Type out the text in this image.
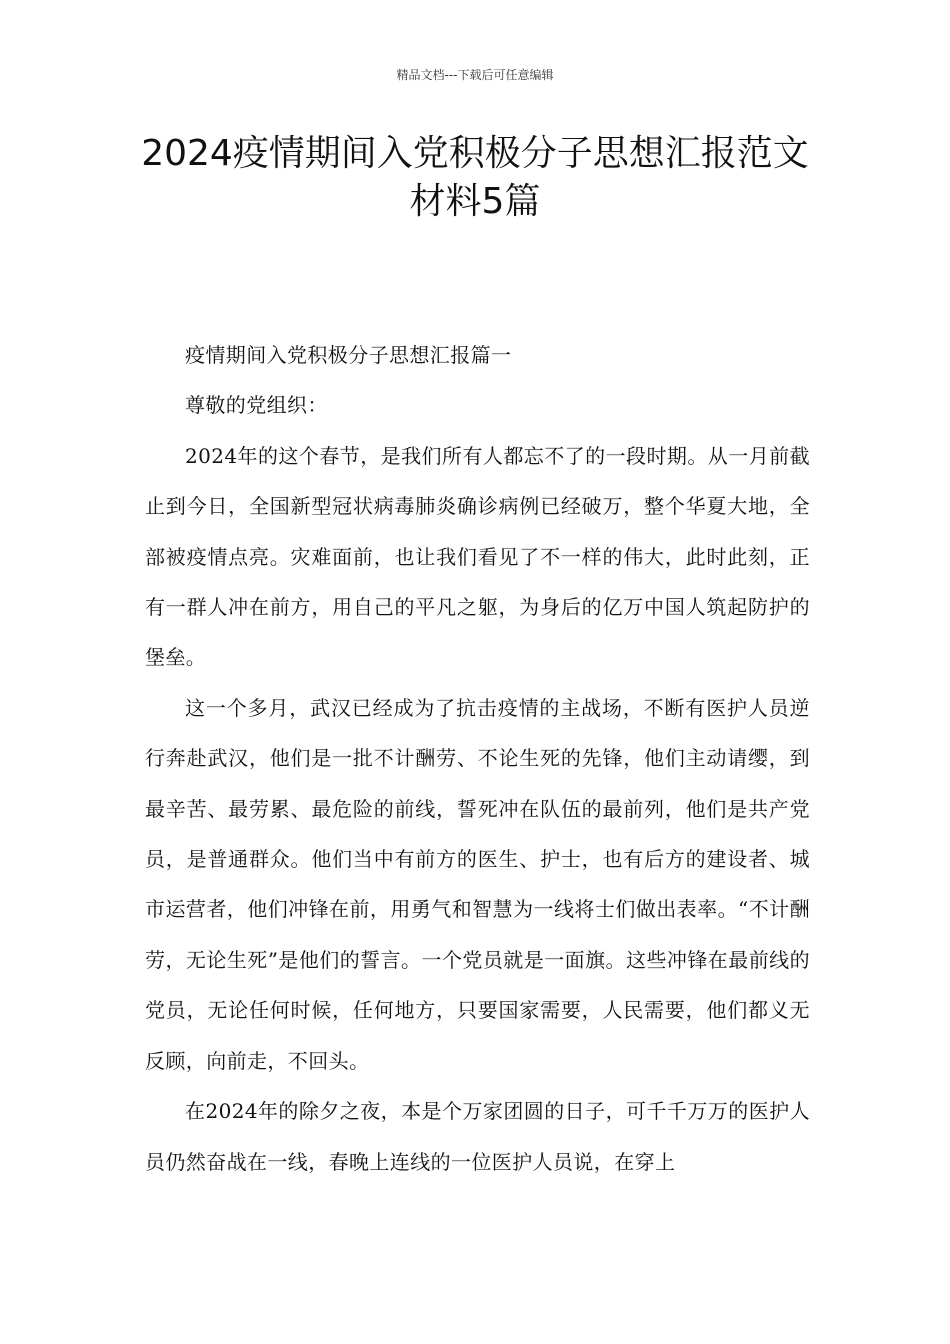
精品文档---下载后可任意编辑
2024疫情期间入党积极分子思想汇报范文材料5篇

疫情期间入党积极分子思想汇报篇一

尊敬的党组织：

2024年的这个春节，是我们所有人都忘不了的一段时期。从一月前截止到今日，全国新型冠状病毒肺炎确诊病例已经破万，整个华夏大地，全部被疫情点亮。灾难面前，也让我们看见了不一样的伟大，此时此刻，正有一群人冲在前方，用自己的平凡之躯，为身后的亿万中国人筑起防护的堡垒。

这一个多月，武汉已经成为了抗击疫情的主战场，不断有医护人员逆行奔赴武汉，他们是一批不计酬劳、不论生死的先锋，他们主动请缨，到最辛苦、最劳累、最危险的前线，誓死冲在队伍的最前列，他们是共产党员，是普通群众。他们当中有前方的医生、护士，也有后方的建设者、城市运营者，他们冲锋在前，用勇气和智慧为一线将士们做出表率。“不计酬劳，无论生死”是他们的誓言。一个党员就是一面旗。这些冲锋在最前线的党员，无论任何时候，任何地方，只要国家需要，人民需要，他们都义无反顾，向前走，不回头。

在2024年的除夕之夜，本是个万家团圆的日子，可千千万万的医护人员仍然奋战在一线，春晚上连线的一位医护人员说，在穿上
